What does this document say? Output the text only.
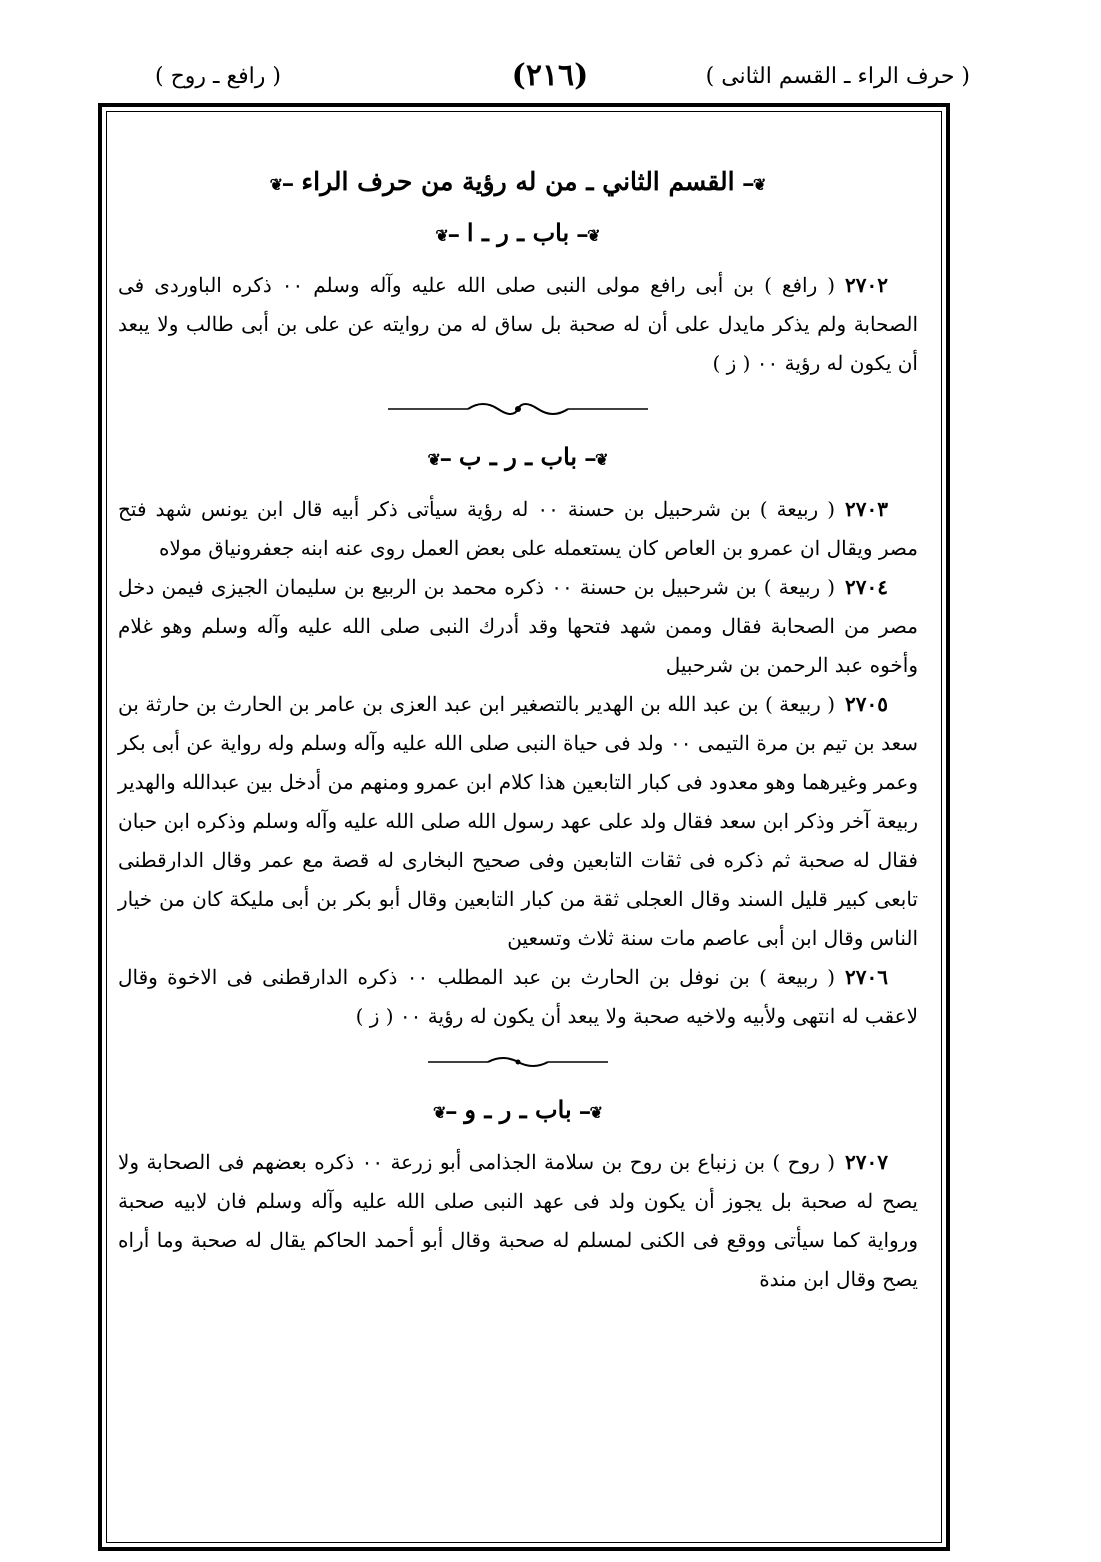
( حرف الراء ـ القسم الثانى )
(٢١٦)
( رافع ـ روح )
❦━ القسم الثاني ـ من له رؤية من حرف الراء ━❦
❦━ باب ـ ر ـ ا ━❦

٢٧٠٢( رافع ) بن أبى رافع مولى النبى صلى الله عليه وآله وسلم ٠٠ ذكره الباوردى فى الصحابة ولم يذكر مايدل على أن له صحبة بل ساق له من روايته عن على بن أبى طالب ولا يبعد أن يكون له رؤية ٠٠ ( ز )

❦━ باب ـ ر ـ ب ━❦

٢٧٠٣( ربيعة ) بن شرحبيل بن حسنة ٠٠ له رؤية سيأتى ذكر أبيه قال ابن يونس شهد فتح مصر ويقال ان عمرو بن العاص كان يستعمله على بعض العمل روى عنه ابنه جعفرونياق مولاه

٢٧٠٤( ربيعة ) بن شرحبيل بن حسنة ٠٠ ذكره محمد بن الربيع بن سليمان الجيزى فيمن دخل مصر من الصحابة فقال وممن شهد فتحها وقد أدرك النبى صلى الله عليه وآله وسلم وهو غلام وأخوه عبد الرحمن بن شرحبيل

٢٧٠٥( ربيعة ) بن عبد الله بن الهدير بالتصغير ابن عبد العزى بن عامر بن الحارث بن حارثة بن سعد بن تيم بن مرة التيمى ٠٠ ولد فى حياة النبى صلى الله عليه وآله وسلم وله رواية عن أبى بكر وعمر وغيرهما وهو معدود فى كبار التابعين هذا كلام ابن عمرو ومنهم من أدخل بين عبدالله والهدير ربيعة آخر وذكر ابن سعد فقال ولد على عهد رسول الله صلى الله عليه وآله وسلم وذكره ابن حبان فقال له صحبة ثم ذكره فى ثقات التابعين وفى صحيح البخارى له قصة مع عمر وقال الدارقطنى تابعى كبير قليل السند وقال العجلى ثقة من كبار التابعين وقال أبو بكر بن أبى مليكة كان من خيار الناس وقال ابن أبى عاصم مات سنة ثلاث وتسعين

٢٧٠٦( ربيعة ) بن نوفل بن الحارث بن عبد المطلب ٠٠ ذكره الدارقطنى فى الاخوة وقال لاعقب له انتهى ولأبيه ولاخيه صحبة ولا يبعد أن يكون له رؤية ٠٠ ( ز )

❦━ باب ـ ر ـ و ━❦

٢٧٠٧( روح ) بن زنباع بن روح بن سلامة الجذامى أبو زرعة ٠٠ ذكره بعضهم فى الصحابة ولا يصح له صحبة بل يجوز أن يكون ولد فى عهد النبى صلى الله عليه وآله وسلم فان لابيه صحبة ورواية كما سيأتى ووقع فى الكنى لمسلم له صحبة وقال أبو أحمد الحاكم يقال له صحبة وما أراه يصح وقال ابن مندة
